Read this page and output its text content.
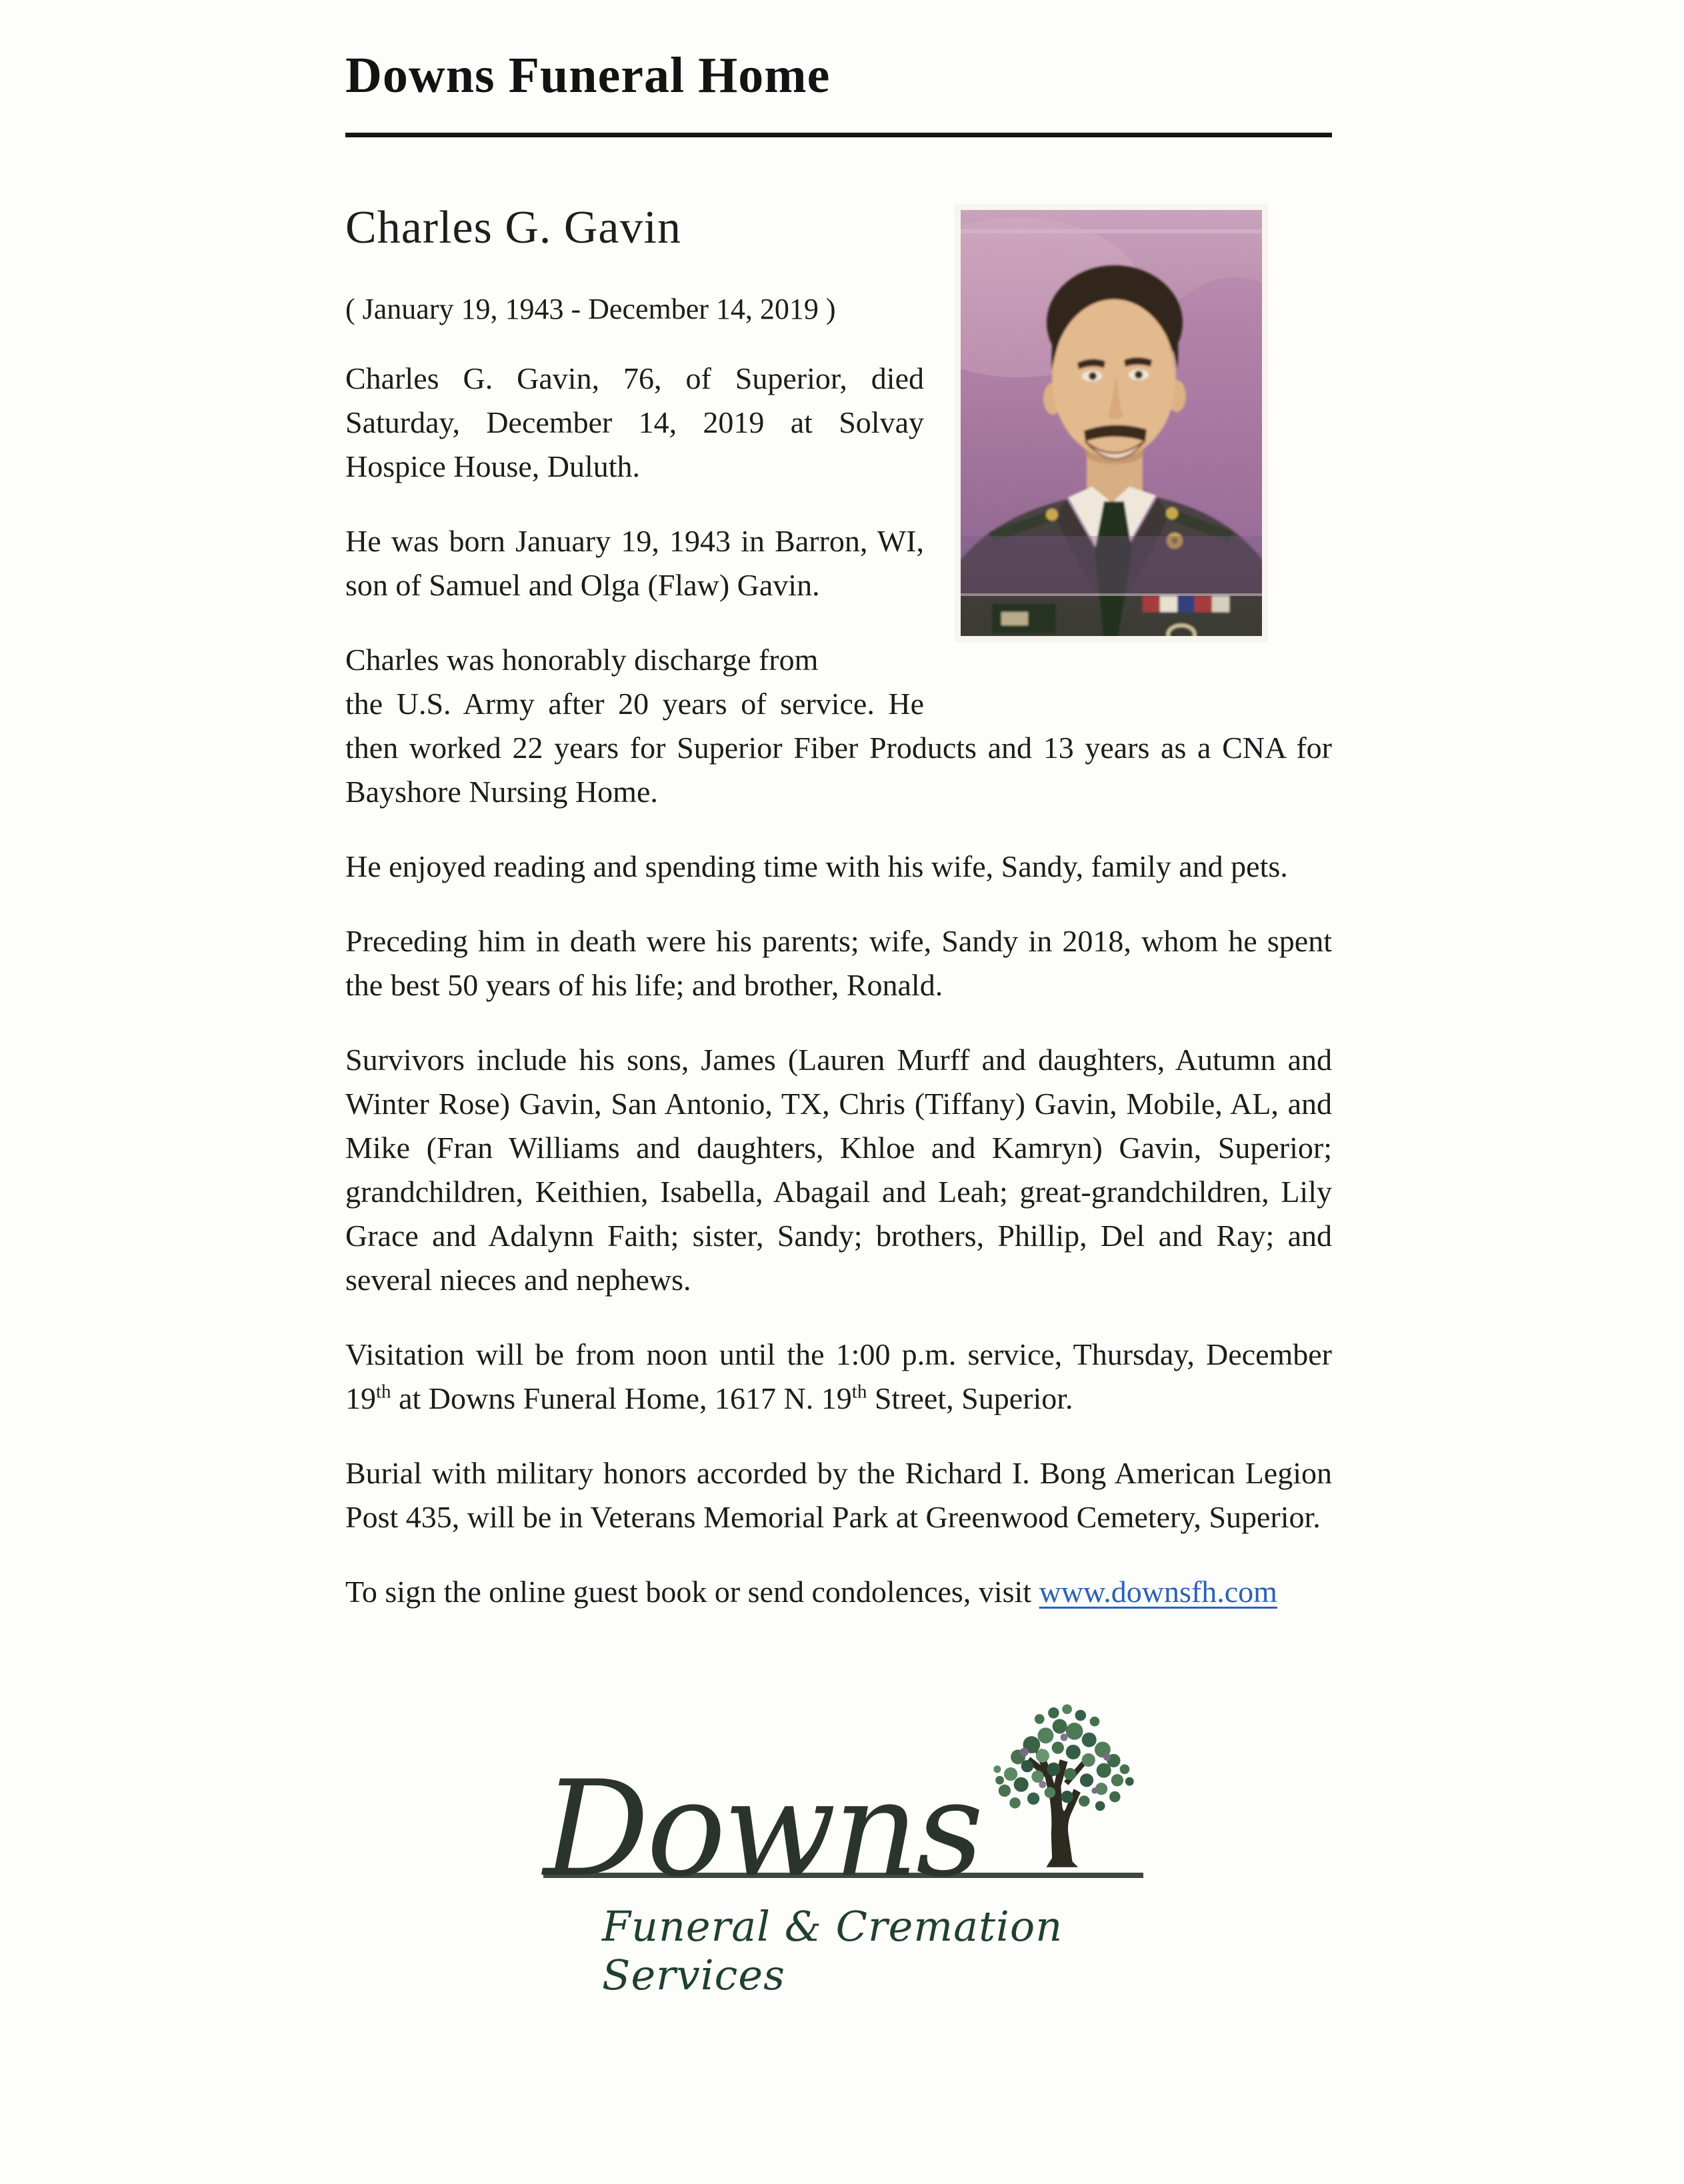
Downs Funeral Home
Charles G. Gavin

( January 19, 1943 - December 14, 2019 )

Charles G. Gavin, 76, of Superior, died Saturday, December 14, 2019 at Solvay Hospice House, Duluth.

He was born January 19, 1943 in Barron, WI, son of Samuel and Olga (Flaw) Gavin.

Charles was honorably discharge from
the U.S. Army after 20 years of service. He then worked 22 years for Superior Fiber Products and 13 years as a CNA for Bayshore Nursing Home.

He enjoyed reading and spending time with his wife, Sandy, family and pets.

Preceding him in death were his parents; wife, Sandy in 2018, whom he spent the best 50 years of his life; and brother, Ronald.

Survivors include his sons, James (Lauren Murff and daughters, Autumn and Winter Rose) Gavin, San Antonio, TX, Chris (Tiffany) Gavin, Mobile, AL, and Mike (Fran Williams and daughters, Khloe and Kamryn) Gavin, Superior; grandchildren, Keithien, Isabella, Abagail and Leah; great-grandchildren, Lily Grace and Adalynn Faith; sister, Sandy; brothers, Phillip, Del and Ray; and several nieces and nephews.

Visitation will be from noon until the 1:00 p.m. service, Thursday, December 19th at Downs Funeral Home, 1617 N. 19th Street, Superior.

Burial with military honors accorded by the Richard I. Bong American Legion Post 435, will be in Veterans Memorial Park at Greenwood Cemetery, Superior.

To sign the online guest book or send condolences, visit www.downsfh.com

Downs
Funeral & Cremation Services
